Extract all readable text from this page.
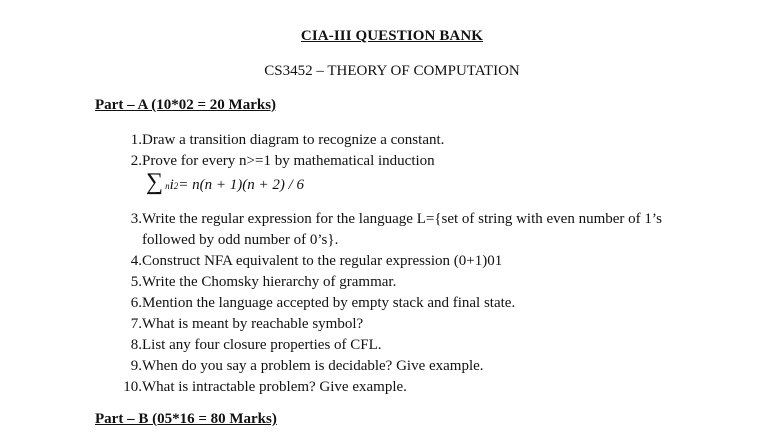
CIA-III QUESTION BANK
CS3452 – THEORY OF COMPUTATION
Part – A (10*02 = 20 Marks)
1. Draw a transition diagram to recognize a constant.
2. Prove for every n>=1 by mathematical induction
$\sum_n$ i 2 = n(n + 1)(n + 2) / 6
3. Write the regular expression for the language L={set of string with even number of 1’s followed by odd number of 0’s}.
4. Construct NFA equivalent to the regular expression (0+1)01
5. Write the Chomsky hierarchy of grammar.
6. Mention the language accepted by empty stack and final state.
7. What is meant by reachable symbol?
8. List any four closure properties of CFL.
9. When do you say a problem is decidable? Give example.
10. What is intractable problem? Give example.
Part – B (05*16 = 80 Marks)
